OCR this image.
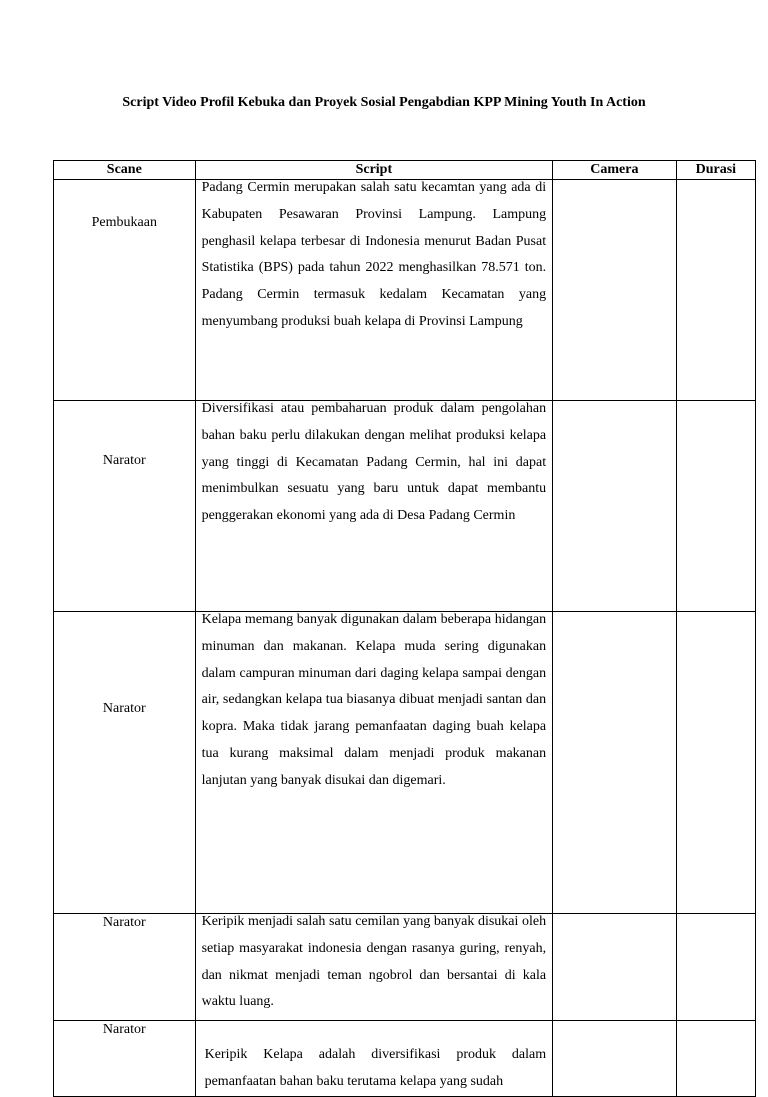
Script Video Profil Kebuka dan Proyek Sosial Pengabdian KPP Mining Youth In Action
Scane	Script	Camera	Durasi
Pembukaan	Padang Cermin merupakan salah satu kecamtan yang ada di Kabupaten Pesawaran Provinsi Lampung. Lampung penghasil kelapa terbesar di Indonesia menurut Badan Pusat Statistika (BPS) pada tahun 2022 menghasilkan 78.571 ton. Padang Cermin termasuk kedalam Kecamatan yang menyumbang produksi buah kelapa di Provinsi Lampung		

Narator	Diversifikasi atau pembaharuan produk dalam pengolahan bahan baku perlu dilakukan dengan melihat produksi kelapa yang tinggi di Kecamatan Padang Cermin, hal ini dapat menimbulkan sesuatu yang baru untuk dapat membantu penggerakan ekonomi yang ada di Desa Padang Cermin		

Narator	Kelapa memang banyak digunakan dalam beberapa hidangan minuman dan makanan. Kelapa muda sering digunakan dalam campuran minuman dari daging kelapa sampai dengan air, sedangkan kelapa tua biasanya dibuat menjadi santan dan kopra. Maka tidak jarang pemanfaatan daging buah kelapa tua kurang maksimal dalam menjadi produk makanan lanjutan yang banyak disukai dan digemari.		

Narator	Keripik menjadi salah satu cemilan yang banyak disukai oleh setiap masyarakat indonesia dengan rasanya guring, renyah, dan nikmat menjadi teman ngobrol dan bersantai di kala waktu luang.		

Narator	Keripik Kelapa adalah diversifikasi produk dalam pemanfaatan bahan baku terutama kelapa yang sudah		
